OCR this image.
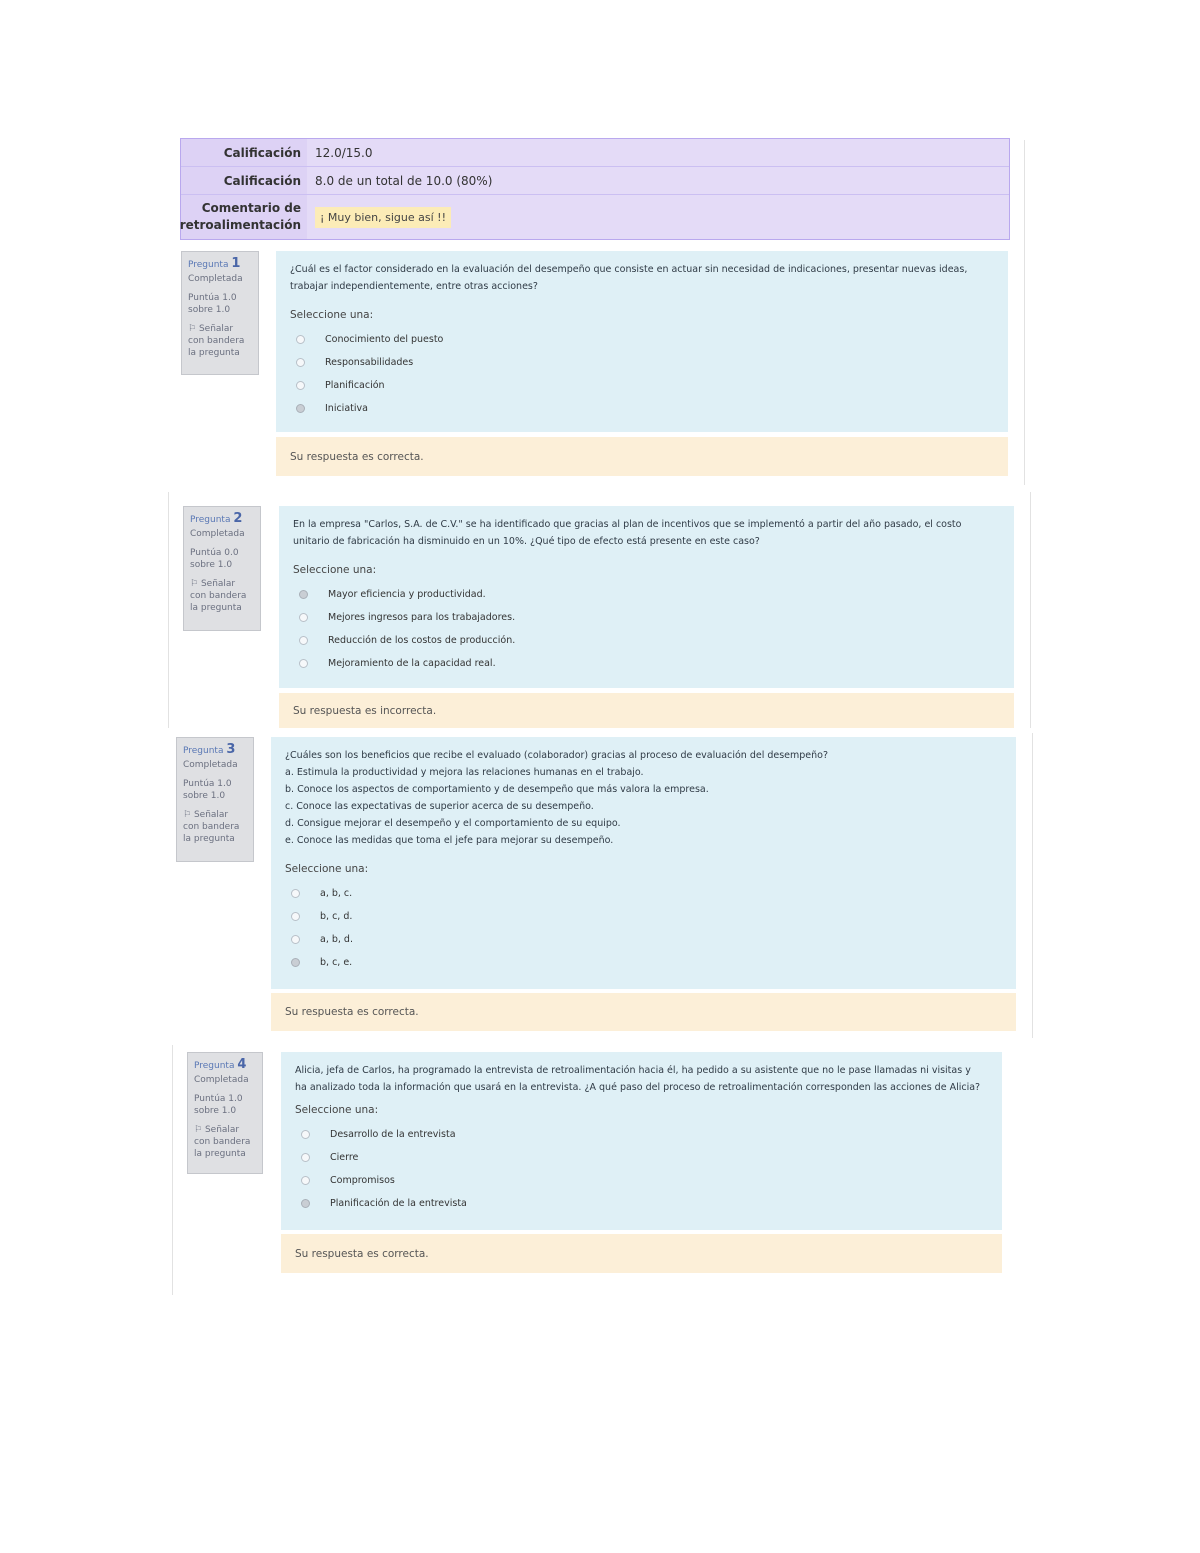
Calificación	12.0/15.0
Calificación	8.0 de un total de 10.0 (80%)
Comentario de retroalimentación
¡ Muy bien, sigue así !!
Pregunta 1
Completada
Puntúa 1.0 sobre 1.0
⚐ Señalar con bandera la pregunta
¿Cuál es el factor considerado en la evaluación del desempeño que consiste en actuar sin necesidad de indicaciones, presentar nuevas ideas,
trabajar independientemente, entre otras acciones?
Seleccione una:
Conocimiento del puesto
Responsabilidades
Planificación
Iniciativa
Su respuesta es correcta.
Pregunta 2
Completada
Puntúa 0.0 sobre 1.0
⚐ Señalar con bandera la pregunta
En la empresa "Carlos, S.A. de C.V." se ha identificado que gracias al plan de incentivos que se implementó a partir del año pasado, el costo
unitario de fabricación ha disminuido en un 10%. ¿Qué tipo de efecto está presente en este caso?
Seleccione una:
Mayor eficiencia y productividad.
Mejores ingresos para los trabajadores.
Reducción de los costos de producción.
Mejoramiento de la capacidad real.
Su respuesta es incorrecta.
Pregunta 3
Completada
Puntúa 1.0 sobre 1.0
⚐ Señalar con bandera la pregunta
¿Cuáles son los beneficios que recibe el evaluado (colaborador) gracias al proceso de evaluación del desempeño?
a. Estimula la productividad y mejora las relaciones humanas en el trabajo.
b. Conoce los aspectos de comportamiento y de desempeño que más valora la empresa.
c. Conoce las expectativas de superior acerca de su desempeño.
d. Consigue mejorar el desempeño y el comportamiento de su equipo.
e. Conoce las medidas que toma el jefe para mejorar su desempeño.
Seleccione una:
a, b, c.
b, c, d.
a, b, d.
b, c, e.
Su respuesta es correcta.
Pregunta 4
Completada
Puntúa 1.0 sobre 1.0
⚐ Señalar con bandera la pregunta
Alicia, jefa de Carlos, ha programado la entrevista de retroalimentación hacia él, ha pedido a su asistente que no le pase llamadas ni visitas y
ha analizado toda la información que usará en la entrevista. ¿A qué paso del proceso de retroalimentación corresponden las acciones de Alicia?
Seleccione una:
Desarrollo de la entrevista
Cierre
Compromisos
Planificación de la entrevista
Su respuesta es correcta.
